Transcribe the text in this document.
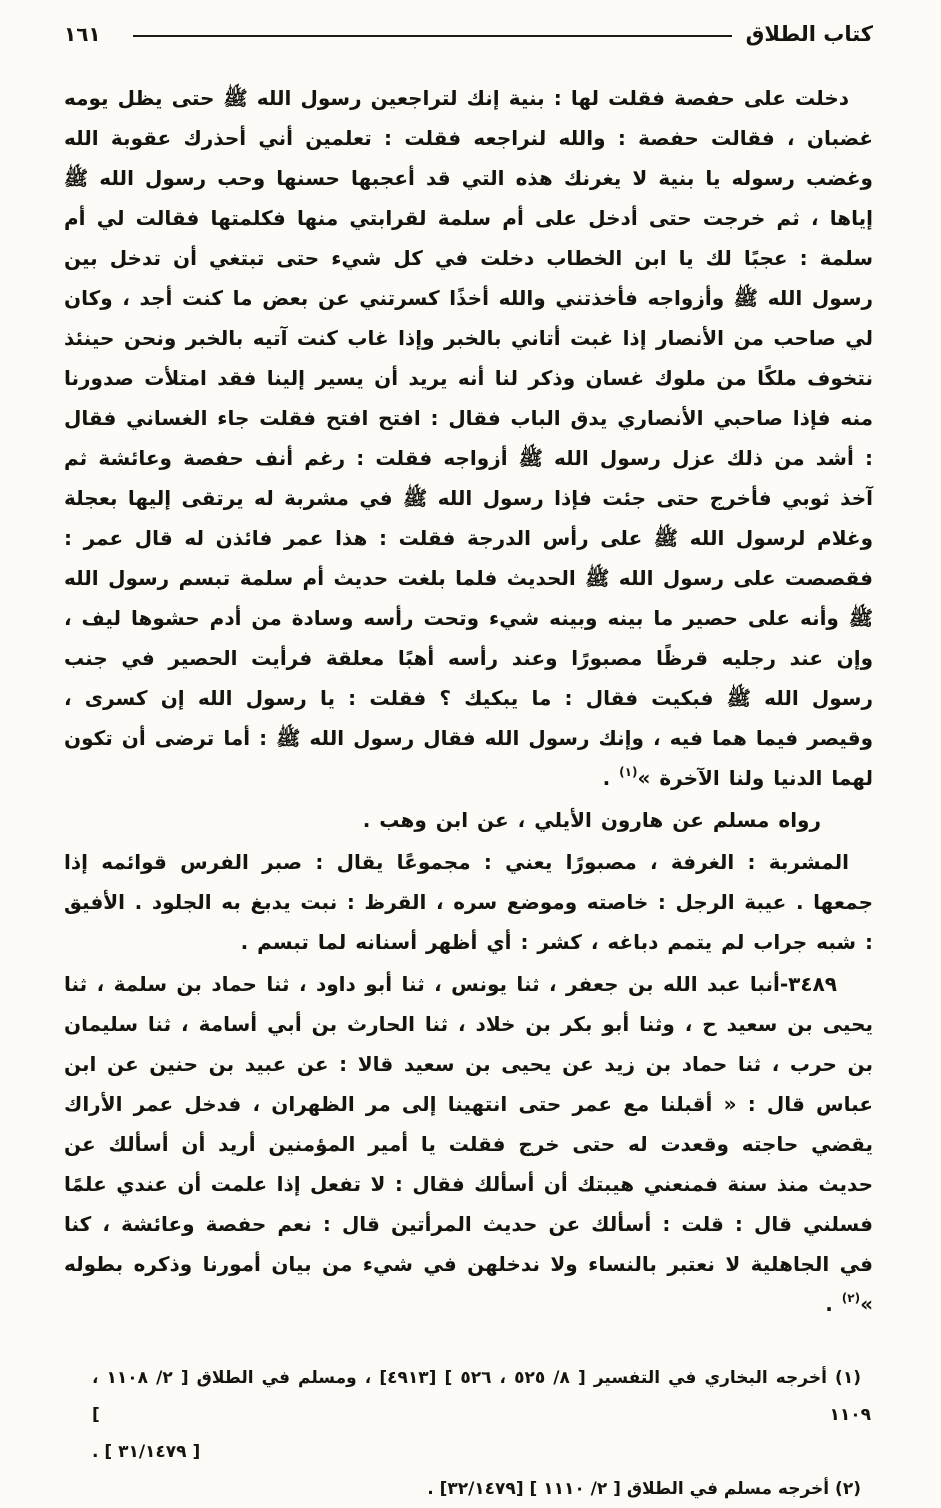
كتاب الطلاق
١٦١

دخلت على حفصة فقلت لها : بنية إنك لتراجعين رسول الله ﷺ حتى يظل يومه غضبان ، فقالت حفصة : والله لنراجعه فقلت : تعلمين أني أحذرك عقوبة الله وغضب رسوله يا بنية لا يغرنك هذه التي قد أعجبها حسنها وحب رسول الله ﷺ إياها ، ثم خرجت حتى أدخل على أم سلمة لقرابتي منها فكلمتها فقالت لي أم سلمة : عجبًا لك يا ابن الخطاب دخلت في كل شيء حتى تبتغي أن تدخل بين رسول الله ﷺ وأزواجه فأخذتني والله أخذًا كسرتني عن بعض ما كنت أجد ، وكان لي صاحب من الأنصار إذا غبت أتاني بالخبر وإذا غاب كنت آتيه بالخبر ونحن حينئذ نتخوف ملكًا من ملوك غسان وذكر لنا أنه يريد أن يسير إلينا فقد امتلأت صدورنا منه فإذا صاحبي الأنصاري يدق الباب فقال : افتح افتح فقلت جاء الغساني فقال : أشد من ذلك عزل رسول الله ﷺ أزواجه فقلت : رغم أنف حفصة وعائشة ثم آخذ ثوبي فأخرج حتى جئت فإذا رسول الله ﷺ في مشربة له يرتقى إليها بعجلة وغلام لرسول الله ﷺ على رأس الدرجة فقلت : هذا عمر فائذن له قال عمر : فقصصت على رسول الله ﷺ الحديث فلما بلغت حديث أم سلمة تبسم رسول الله ﷺ وأنه على حصير ما بينه وبينه شيء وتحت رأسه وسادة من أدم حشوها ليف ، وإن عند رجليه قرظًا مصبورًا وعند رأسه أهبًا معلقة فرأيت الحصير في جنب رسول الله ﷺ فبكيت فقال : ما يبكيك ؟ فقلت : يا رسول الله إن كسرى ، وقيصر فيما هما فيه ، وإنك رسول الله فقال رسول الله ﷺ : أما ترضى أن تكون لهما الدنيا ولنا الآخرة »$^{(١)}$ .

رواه مسلم عن هارون الأيلي ، عن ابن وهب .

المشربة : الغرفة ، مصبورًا يعني : مجموعًا يقال : صبر الفرس قوائمه إذا جمعها . عيبة الرجل : خاصته وموضع سره ، القرظ : نبت يدبغ به الجلود . الأفيق : شبه جراب لم يتمم دباغه ، كشر : أي أظهر أسنانه لما تبسم .

٣٤٨٩-أنبا عبد الله بن جعفر ، ثنا يونس ، ثنا أبو داود ، ثنا حماد بن سلمة ، ثنا يحيى بن سعيد ح ، وثنا أبو بكر بن خلاد ، ثنا الحارث بن أبي أسامة ، ثنا سليمان بن حرب ، ثنا حماد بن زيد عن يحيى بن سعيد قالا : عن عبيد بن حنين عن ابن عباس قال : « أقبلنا مع عمر حتى انتهينا إلى مر الظهران ، فدخل عمر الأراك يقضي حاجته وقعدت له حتى خرج فقلت يا أمير المؤمنين أريد أن أسألك عن حديث منذ سنة فمنعني هيبتك أن أسألك فقال : لا تفعل إذا علمت أن عندي علمًا فسلني قال : قلت : أسألك عن حديث المرأتين قال : نعم حفصة وعائشة ، كنا في الجاهلية لا نعتبر بالنساء ولا ندخلهن في شيء من بيان أمورنا وذكره بطوله »$^{(٢)}$ .

(١) أخرجه البخاري في التفسير [ ٨/ ٥٢٥ ، ٥٢٦ ] [٤٩١٣] ، ومسلم في الطلاق [ ٢/ ١١٠٨ ، ١١٠٩ ]
[ ٣١/١٤٧٩ ] .
(٢) أخرجه مسلم في الطلاق [ ٢/ ١١١٠ ] [٣٢/١٤٧٩] .
